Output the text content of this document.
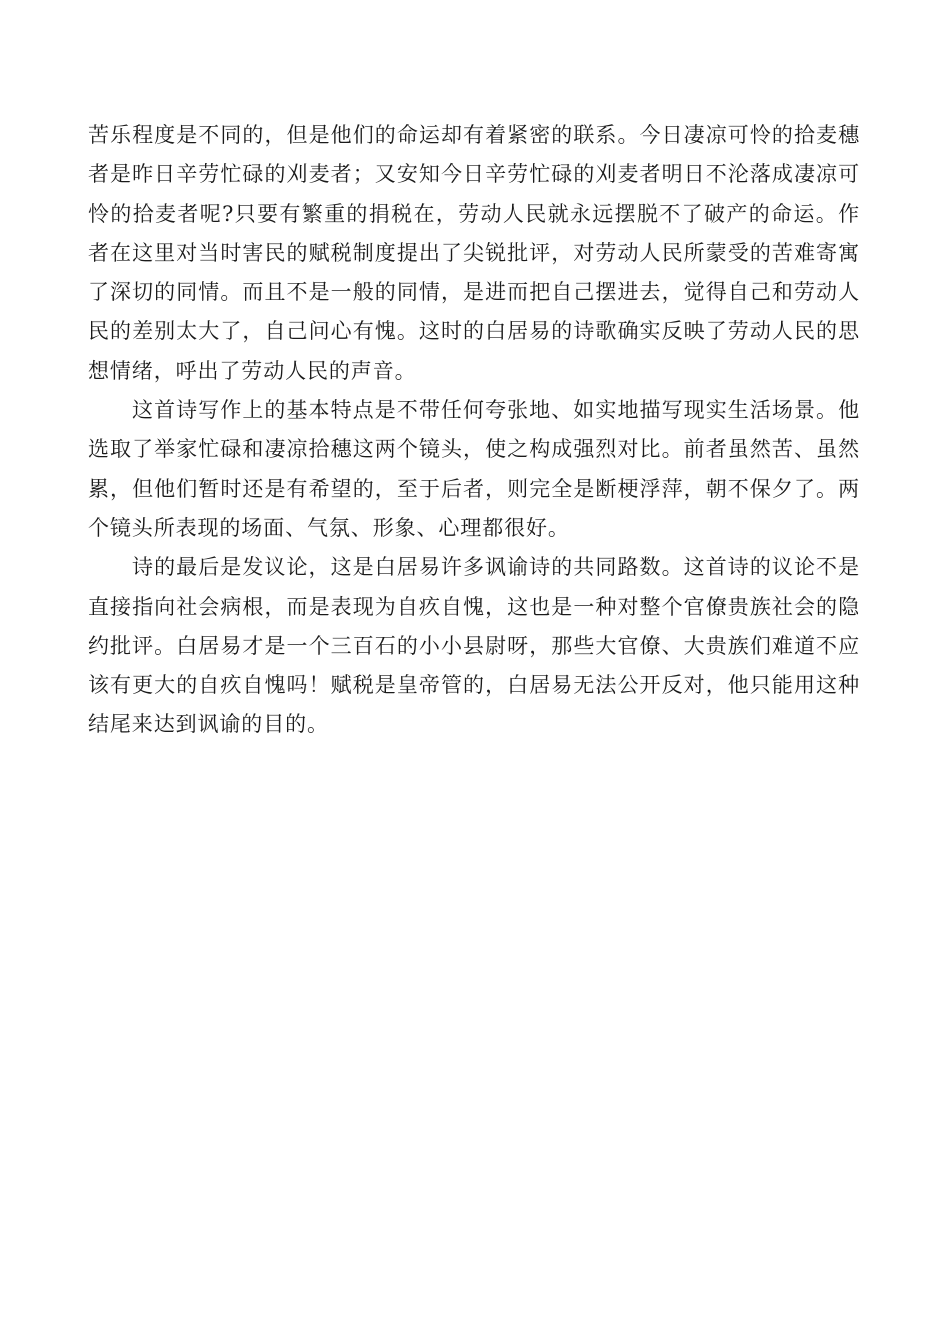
苦乐程度是不同的，但是他们的命运却有着紧密的联系。今日凄凉可怜的拾麦穗者是昨日辛劳忙碌的刈麦者；又安知今日辛劳忙碌的刈麦者明日不沦落成凄凉可怜的拾麦者呢?只要有繁重的捐税在，劳动人民就永远摆脱不了破产的命运。作者在这里对当时害民的赋税制度提出了尖锐批评，对劳动人民所蒙受的苦难寄寓了深切的同情。而且不是一般的同情，是进而把自己摆进去，觉得自己和劳动人民的差别太大了，自己问心有愧。这时的白居易的诗歌确实反映了劳动人民的思想情绪，呼出了劳动人民的声音。

这首诗写作上的基本特点是不带任何夸张地、如实地描写现实生活场景。他选取了举家忙碌和凄凉拾穗这两个镜头，使之构成强烈对比。前者虽然苦、虽然累，但他们暂时还是有希望的，至于后者，则完全是断梗浮萍，朝不保夕了。两个镜头所表现的场面、气氛、形象、心理都很好。

诗的最后是发议论，这是白居易许多讽谕诗的共同路数。这首诗的议论不是直接指向社会病根，而是表现为自疚自愧，这也是一种对整个官僚贵族社会的隐约批评。白居易才是一个三百石的小小县尉呀，那些大官僚、大贵族们难道不应该有更大的自疚自愧吗！赋税是皇帝管的，白居易无法公开反对，他只能用这种结尾来达到讽谕的目的。
